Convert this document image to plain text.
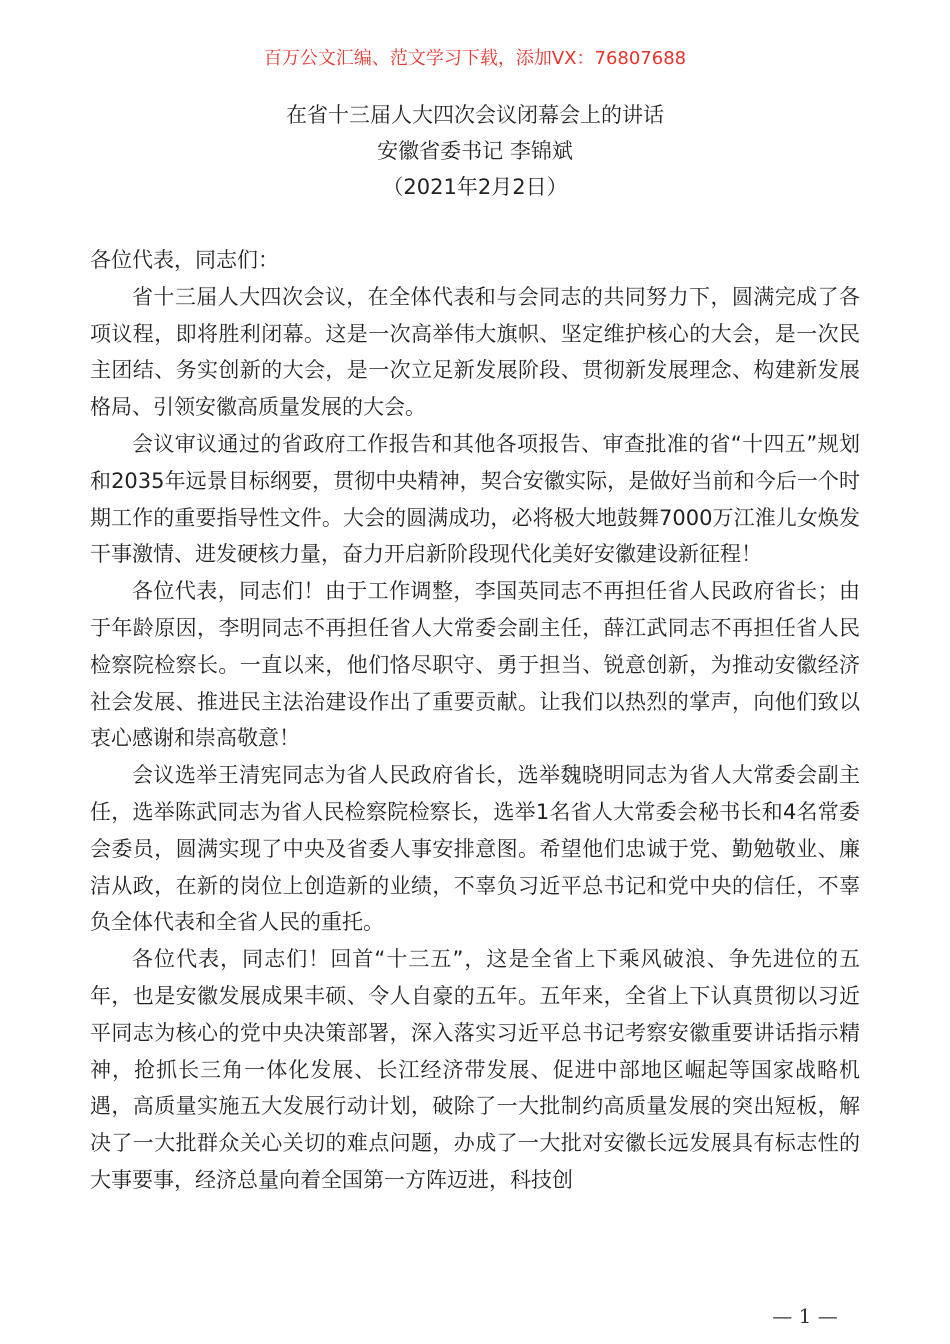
百万公文汇编、范文学习下载，添加VX：76807688
在省十三届人大四次会议闭幕会上的讲话
安徽省委书记 李锦斌
（2021年2月2日）

各位代表，同志们：

省十三届人大四次会议，在全体代表和与会同志的共同努力下，圆满完成了各项议程，即将胜利闭幕。这是一次高举伟大旗帜、坚定维护核心的大会，是一次民主团结、务实创新的大会，是一次立足新发展阶段、贯彻新发展理念、构建新发展格局、引领安徽高质量发展的大会。

会议审议通过的省政府工作报告和其他各项报告、审查批准的省“十四五”规划和2035年远景目标纲要，贯彻中央精神，契合安徽实际，是做好当前和今后一个时期工作的重要指导性文件。大会的圆满成功，必将极大地鼓舞7000万江淮儿女焕发干事激情、进发硬核力量，奋力开启新阶段现代化美好安徽建设新征程！

各位代表，同志们！由于工作调整，李国英同志不再担任省人民政府省长；由于年龄原因，李明同志不再担任省人大常委会副主任，薛江武同志不再担任省人民检察院检察长。一直以来，他们恪尽职守、勇于担当、锐意创新，为推动安徽经济社会发展、推进民主法治建设作出了重要贡献。让我们以热烈的掌声，向他们致以衷心感谢和崇高敬意！

会议选举王清宪同志为省人民政府省长，选举魏晓明同志为省人大常委会副主任，选举陈武同志为省人民检察院检察长，选举1名省人大常委会秘书长和4名常委会委员，圆满实现了中央及省委人事安排意图。希望他们忠诚于党、勤勉敬业、廉洁从政，在新的岗位上创造新的业绩，不辜负习近平总书记和党中央的信任，不辜负全体代表和全省人民的重托。

各位代表，同志们！回首“十三五”，这是全省上下乘风破浪、争先进位的五年，也是安徽发展成果丰硕、令人自豪的五年。五年来，全省上下认真贯彻以习近平同志为核心的党中央决策部署，深入落实习近平总书记考察安徽重要讲话指示精神，抢抓长三角一体化发展、长江经济带发展、促进中部地区崛起等国家战略机遇，高质量实施五大发展行动计划，破除了一大批制约高质量发展的突出短板，解决了一大批群众关心关切的难点问题，办成了一大批对安徽长远发展具有标志性的大事要事，经济总量向着全国第一方阵迈进，科技创

— 1 —
